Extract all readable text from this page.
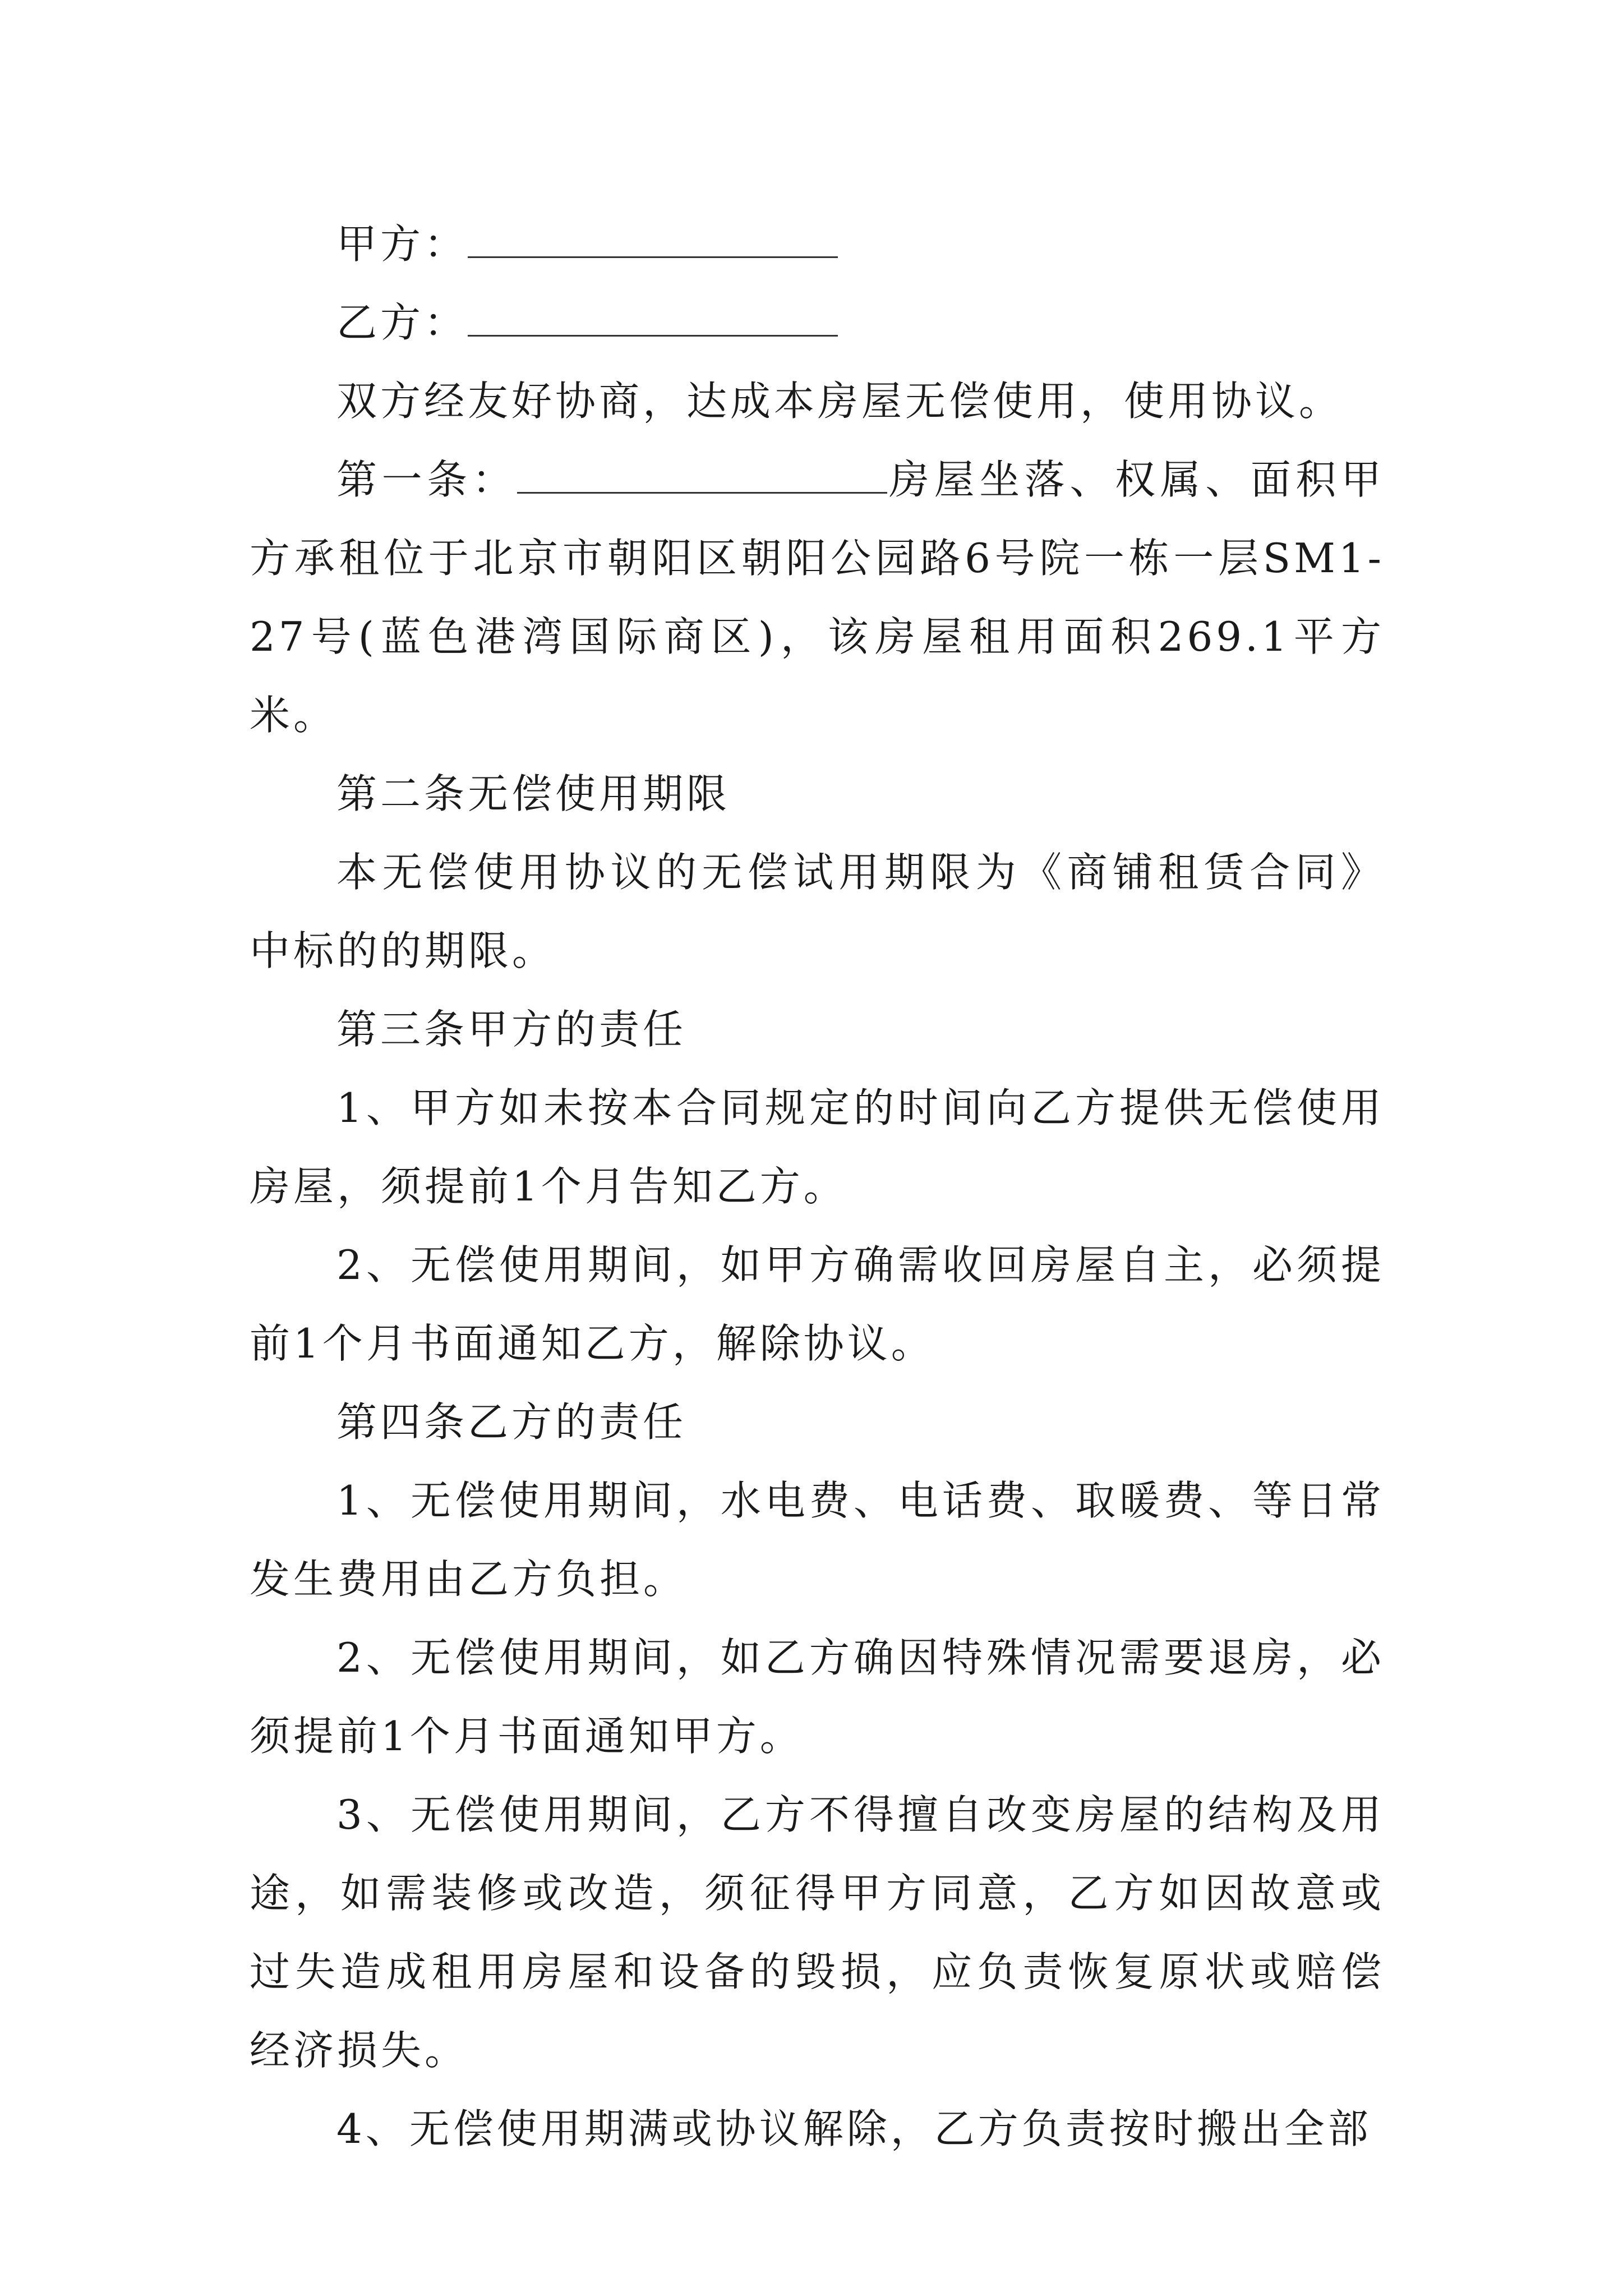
甲方：

乙方：

双方经友好协商，达成本房屋无偿使用，使用协议。

第一条：	房屋坐落、权属、面积甲方承租位于北京市朝阳区朝阳公园路6号院一栋一层SM1-27号(蓝色港湾国际商区)，该房屋租用面积269.1平方米。

第二条无偿使用期限

本无偿使用协议的无偿试用期限为《商铺租赁合同》中标的的期限。

第三条甲方的责任

1、甲方如未按本合同规定的时间向乙方提供无偿使用房屋，须提前1个月告知乙方。

2、无偿使用期间，如甲方确需收回房屋自主，必须提前1个月书面通知乙方，解除协议。

第四条乙方的责任

1、无偿使用期间，水电费、电话费、取暖费、等日常发生费用由乙方负担。

2、无偿使用期间，如乙方确因特殊情况需要退房，必须提前1个月书面通知甲方。

3、无偿使用期间，乙方不得擅自改变房屋的结构及用途，如需装修或改造，须征得甲方同意，乙方如因故意或过失造成租用房屋和设备的毁损，应负责恢复原状或赔偿经济损失。

4、无偿使用期满或协议解除，乙方负责按时搬出全部
